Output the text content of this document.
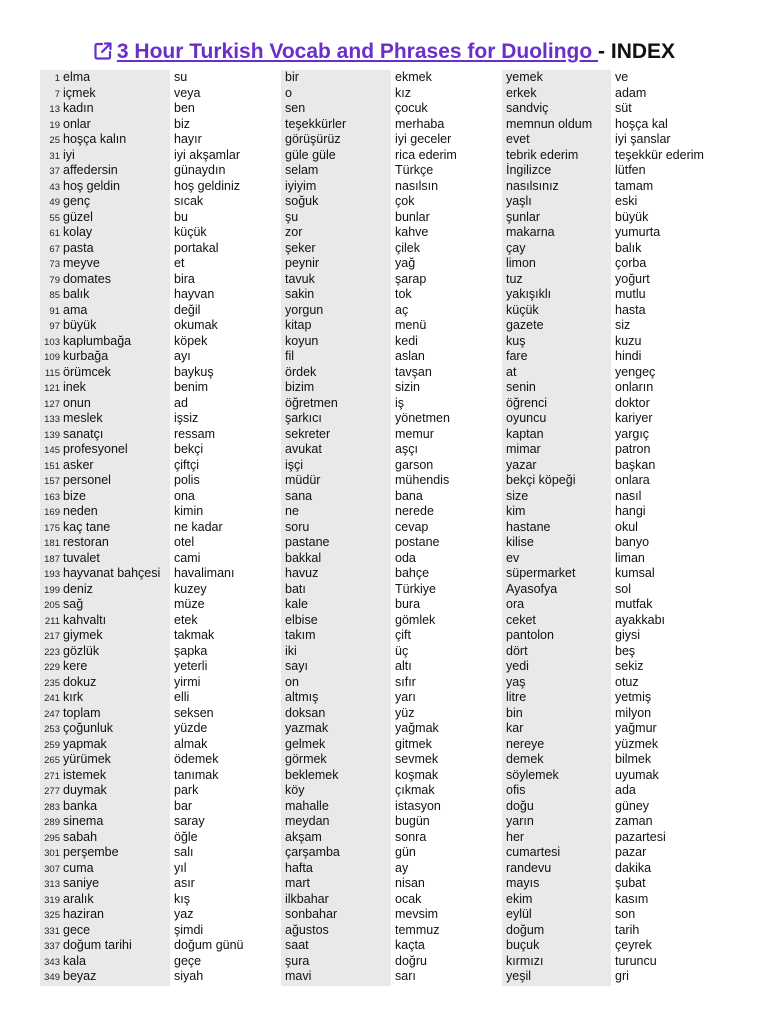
3 Hour Turkish Vocab and Phrases for Duolingo - INDEX
1 elma
7 içmek
13 kadın
19 onlar
25 hoşça kalın
31 iyi
37 affedersin
43 hoş geldin
49 genç
55 güzel
61 kolay
67 pasta
73 meyve
79 domates
85 balık
91 ama
97 büyük
103 kaplumbağa
109 kurbağa
115 örümcek
121 inek
127 onun
133 meslek
139 sanatçı
145 profesyonel
151 asker
157 personel
163 bize
169 neden
175 kaç tane
181 restoran
187 tuvalet
193 hayvanat bahçesi
199 deniz
205 sağ
211 kahvaltı
217 giymek
223 gözlük
229 kere
235 dokuz
241 kırk
247 toplam
253 çoğunluk
259 yapmak
265 yürümek
271 istemek
277 duymak
283 banka
289 sinema
295 sabah
301 perşembe
307 cuma
313 saniye
319 aralık
325 haziran
331 gece
337 doğum tarihi
343 kala
349 beyaz
su
veya
ben
biz
hayır
iyi akşamlar
günaydın
hoş geldiniz
sıcak
bu
küçük
portakal
et
bira
hayvan
değil
okumak
köpek
ayı
baykuş
benim
ad
işsiz
ressam
bekçi
çiftçi
polis
ona
kimin
ne kadar
otel
cami
havalimanı
kuzey
müze
etek
takmak
şapka
yeterli
yirmi
elli
seksen
yüzde
almak
ödemek
tanımak
park
bar
saray
öğle
salı
yıl
asır
kış
yaz
şimdi
doğum günü
geçe
siyah
bir
o
sen
teşekkürler
görüşürüz
güle güle
selam
iyiyim
soğuk
şu
zor
şeker
peynir
tavuk
sakin
yorgun
kitap
koyun
fil
ördek
bizim
öğretmen
şarkıcı
sekreter
avukat
işçi
müdür
sana
ne
soru
pastane
bakkal
havuz
batı
kale
elbise
takım
iki
sayı
on
altmış
doksan
yazmak
gelmek
görmek
beklemek
köy
mahalle
meydan
akşam
çarşamba
hafta
mart
ilkbahar
sonbahar
ağustos
saat
şura
mavi
ekmek
kız
çocuk
merhaba
iyi geceler
rica ederim
Türkçe
nasılsın
çok
bunlar
kahve
çilek
yağ
şarap
tok
aç
menü
kedi
aslan
tavşan
sizin
iş
yönetmen
memur
aşçı
garson
mühendis
bana
nerede
cevap
postane
oda
bahçe
Türkiye
bura
gömlek
çift
üç
altı
sıfır
yarı
yüz
yağmak
gitmek
sevmek
koşmak
çıkmak
istasyon
bugün
sonra
gün
ay
nisan
ocak
mevsim
temmuz
kaçta
doğru
sarı
yemek
erkek
sandviç
memnun oldum
evet
tebrik ederim
İngilizce
nasılsınız
yaşlı
şunlar
makarna
çay
limon
tuz
yakışıklı
küçük
gazete
kuş
fare
at
senin
öğrenci
oyuncu
kaptan
mimar
yazar
bekçi köpeği
size
kim
hastane
kilise
ev
süpermarket
Ayasofya
ora
ceket
pantolon
dört
yedi
yaş
litre
bin
kar
nereye
demek
söylemek
ofis
doğu
yarın
her
cumartesi
randevu
mayıs
ekim
eylül
doğum
buçuk
kırmızı
yeşil
ve
adam
süt
hoşça kal
iyi şanslar
teşekkür ederim
lütfen
tamam
eski
büyük
yumurta
balık
çorba
yoğurt
mutlu
hasta
siz
kuzu
hindi
yengeç
onların
doktor
kariyer
yargıç
patron
başkan
onlara
nasıl
hangi
okul
banyo
liman
kumsal
sol
mutfak
ayakkabı
giysi
beş
sekiz
otuz
yetmiş
milyon
yağmur
yüzmek
bilmek
uyumak
ada
güney
zaman
pazartesi
pazar
dakika
şubat
kasım
son
tarih
çeyrek
turuncu
gri
